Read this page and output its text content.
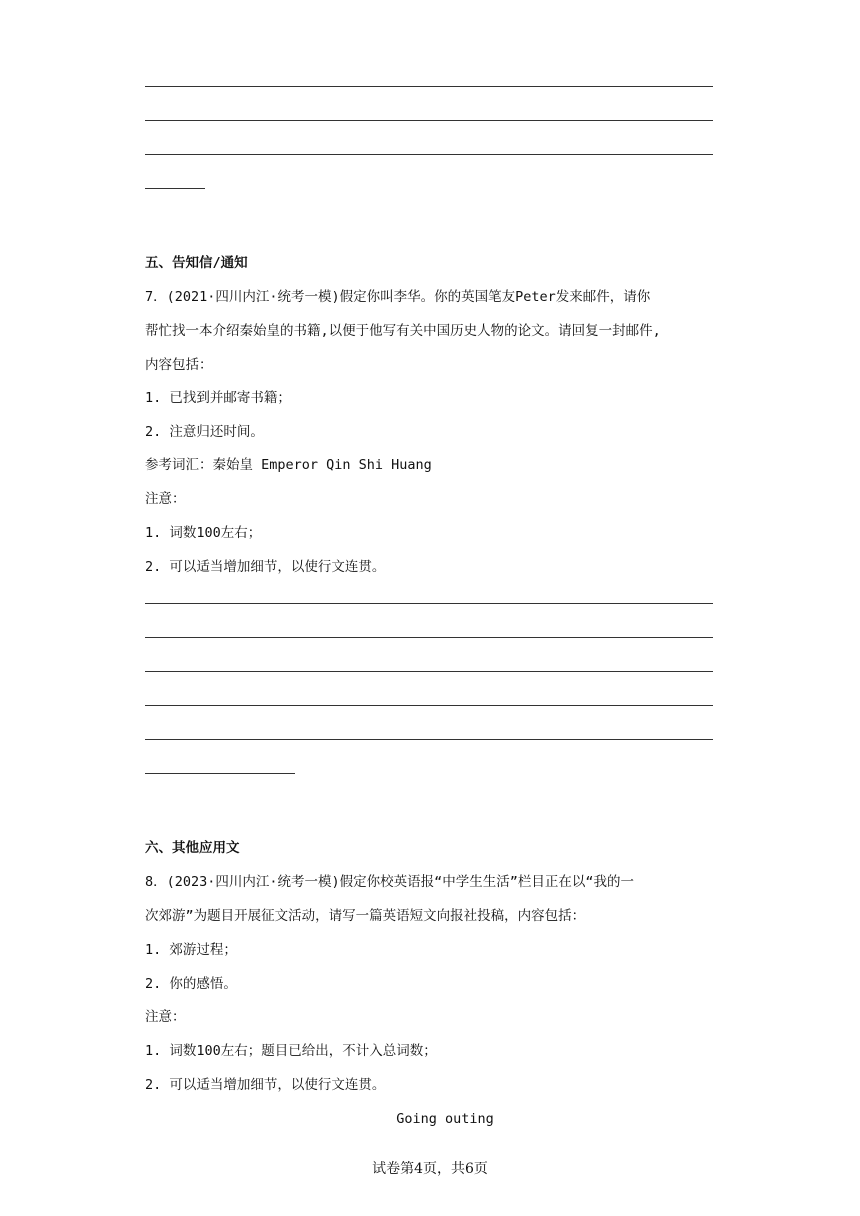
五、告知信/通知
7．(2021·四川内江·统考一模)假定你叫李华。你的英国笔友Peter发来邮件，请你
帮忙找一本介绍秦始皇的书籍,以便于他写有关中国历史人物的论文。请回复一封邮件,
内容包括：
1. 已找到并邮寄书籍；
2. 注意归还时间。
参考词汇：秦始皇 Emperor Qin Shi Huang
注意：
1. 词数100左右；
2. 可以适当增加细节，以使行文连贯。
六、其他应用文
8．(2023·四川内江·统考一模)假定你校英语报“中学生生活”栏目正在以“我的一
次郊游”为题目开展征文活动，请写一篇英语短文向报社投稿，内容包括：
1. 郊游过程；
2. 你的感悟。
注意：
1. 词数100左右；题目已给出，不计入总词数；
2. 可以适当增加细节，以使行文连贯。
Going outing
试卷第4页，共6页
